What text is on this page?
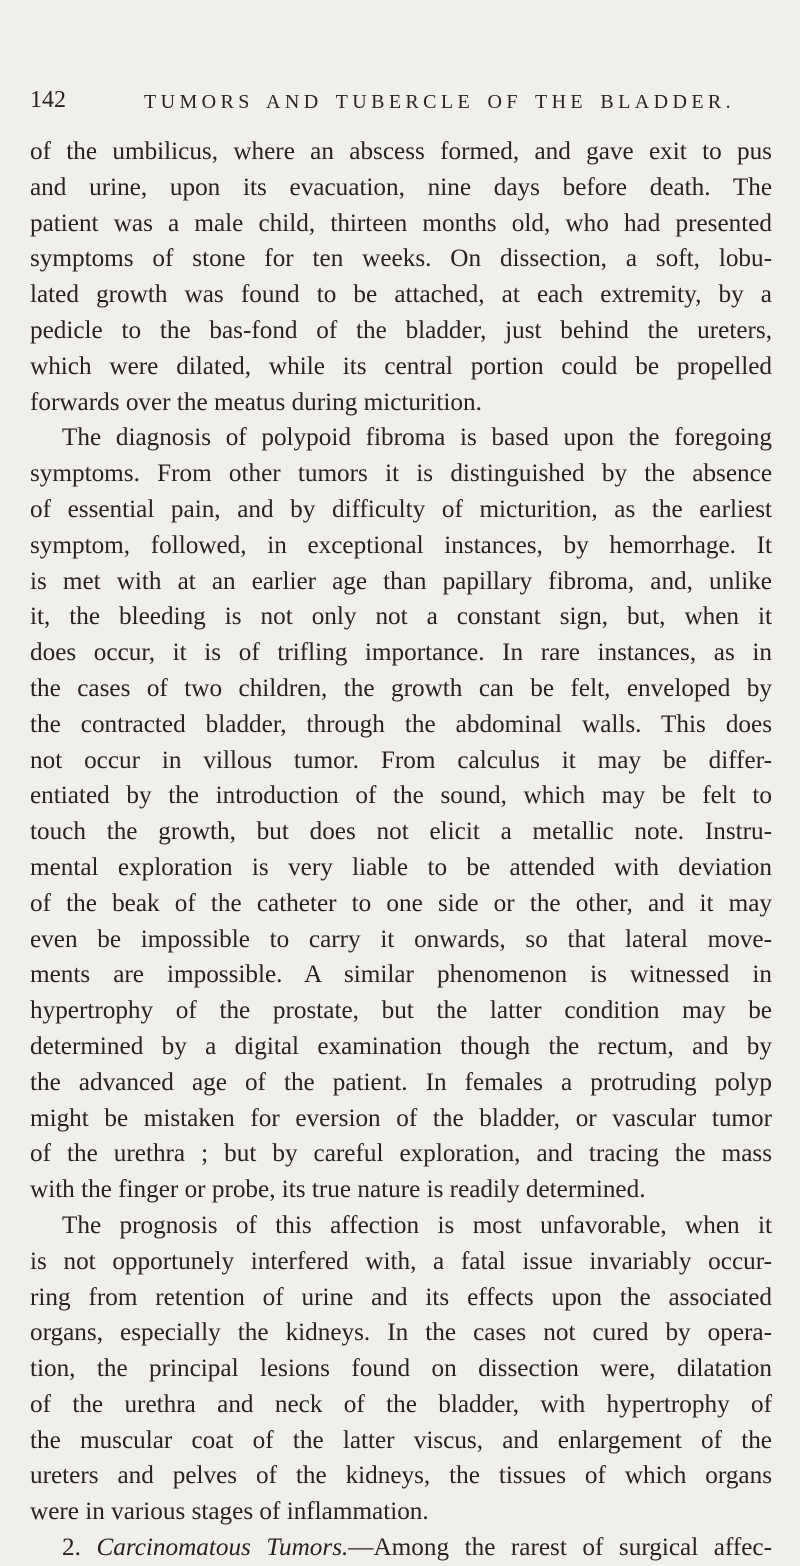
142	TUMORS AND TUBERCLE OF THE BLADDER.
of the umbilicus, where an abscess formed, and gave exit to pus
and urine, upon its evacuation, nine days before death. The
patient was a male child, thirteen months old, who had presented
symptoms of stone for ten weeks. On dissection, a soft, lobu-
lated growth was found to be attached, at each extremity, by a
pedicle to the bas-fond of the bladder, just behind the ureters,
which were dilated, while its central portion could be propelled
forwards over the meatus during micturition.
The diagnosis of polypoid fibroma is based upon the foregoing
symptoms. From other tumors it is distinguished by the absence
of essential pain, and by difficulty of micturition, as the earliest
symptom, followed, in exceptional instances, by hemorrhage. It
is met with at an earlier age than papillary fibroma, and, unlike
it, the bleeding is not only not a constant sign, but, when it
does occur, it is of trifling importance. In rare instances, as in
the cases of two children, the growth can be felt, enveloped by
the contracted bladder, through the abdominal walls. This does
not occur in villous tumor. From calculus it may be differ-
entiated by the introduction of the sound, which may be felt to
touch the growth, but does not elicit a metallic note. Instru-
mental exploration is very liable to be attended with deviation
of the beak of the catheter to one side or the other, and it may
even be impossible to carry it onwards, so that lateral move-
ments are impossible. A similar phenomenon is witnessed in
hypertrophy of the prostate, but the latter condition may be
determined by a digital examination though the rectum, and by
the advanced age of the patient. In females a protruding polyp
might be mistaken for eversion of the bladder, or vascular tumor
of the urethra ; but by careful exploration, and tracing the mass
with the finger or probe, its true nature is readily determined.
The prognosis of this affection is most unfavorable, when it
is not opportunely interfered with, a fatal issue invariably occur-
ring from retention of urine and its effects upon the associated
organs, especially the kidneys. In the cases not cured by opera-
tion, the principal lesions found on dissection were, dilatation
of the urethra and neck of the bladder, with hypertrophy of
the muscular coat of the latter viscus, and enlargement of the
ureters and pelves of the kidneys, the tissues of which organs
were in various stages of inflammation.
2. Carcinomatous Tumors.—Among the rarest of surgical affec-
